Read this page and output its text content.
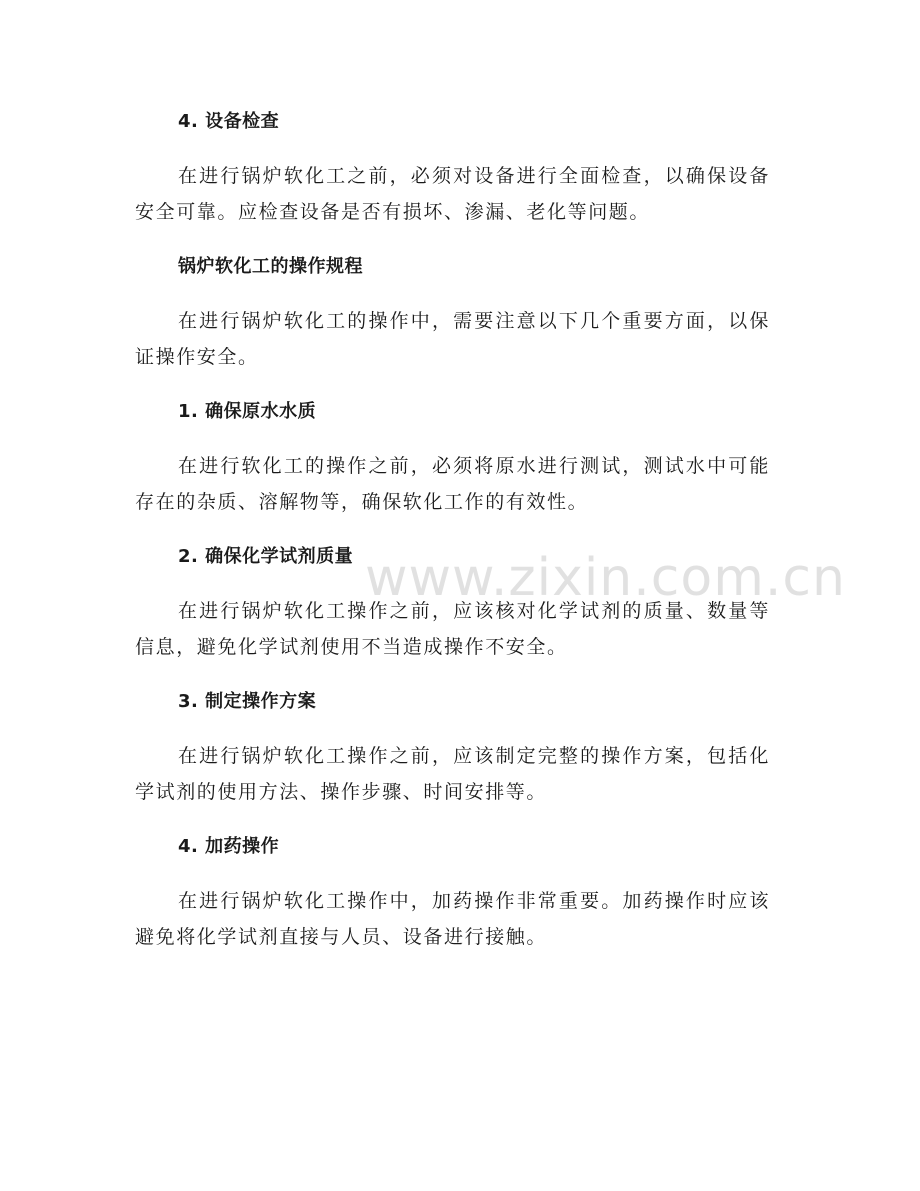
4. 设备检查

在进行锅炉软化工之前，必须对设备进行全面检查，以确保设备安全可靠。应检查设备是否有损坏、渗漏、老化等问题。

锅炉软化工的操作规程

在进行锅炉软化工的操作中，需要注意以下几个重要方面，以保证操作安全。

1. 确保原水水质

在进行软化工的操作之前，必须将原水进行测试，测试水中可能存在的杂质、溶解物等，确保软化工作的有效性。

2. 确保化学试剂质量

在进行锅炉软化工操作之前，应该核对化学试剂的质量、数量等信息，避免化学试剂使用不当造成操作不安全。

3. 制定操作方案

在进行锅炉软化工操作之前，应该制定完整的操作方案，包括化学试剂的使用方法、操作步骤、时间安排等。

4. 加药操作

在进行锅炉软化工操作中，加药操作非常重要。加药操作时应该避免将化学试剂直接与人员、设备进行接触。

www.zixin.com.cn
